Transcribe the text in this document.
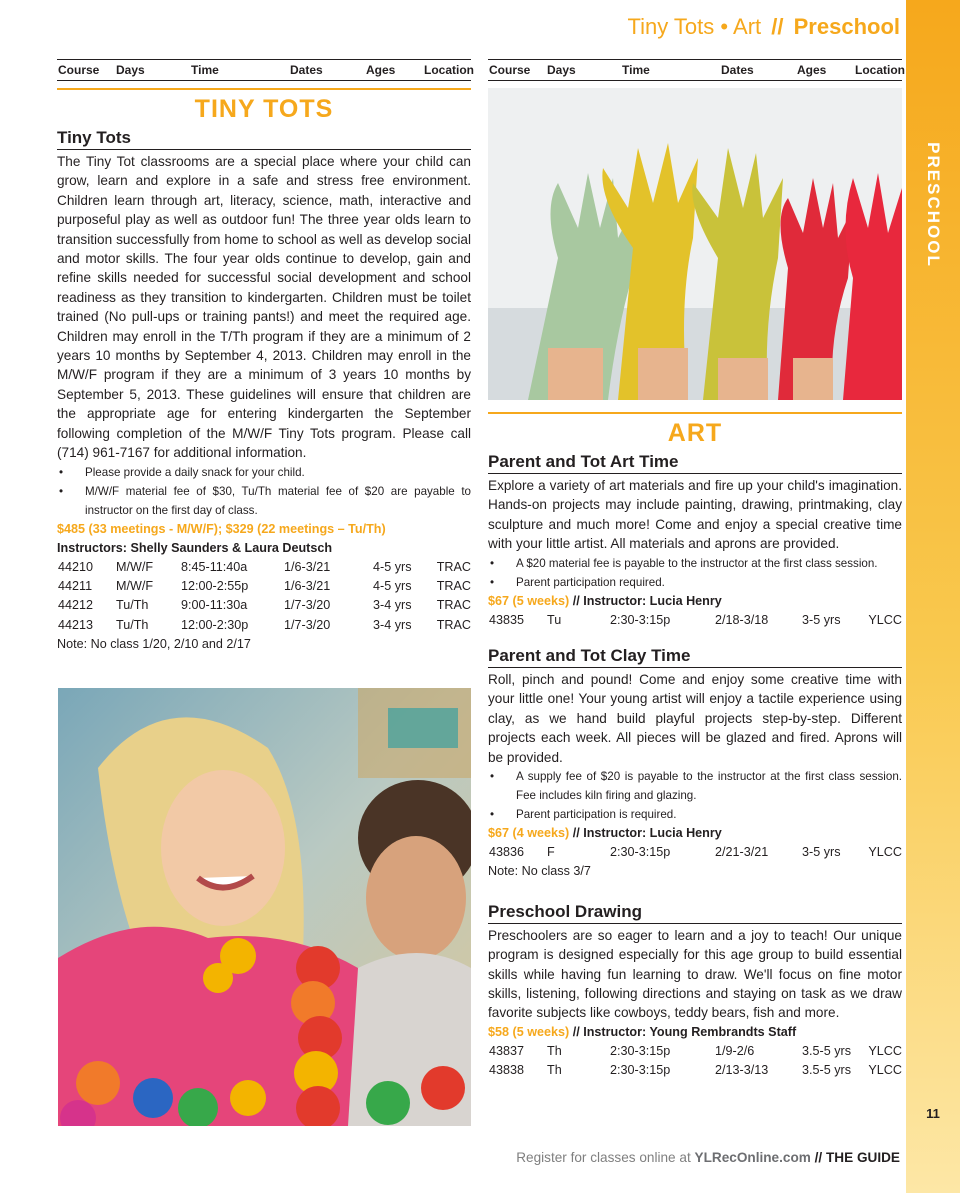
PRESCHOOL
11
Tiny Tots • Art // Preschool
Course Days	Time	Dates	Ages Location Course Days	Time	Dates	Ages Location
TINY TOTS
Tiny Tots
The Tiny Tot classrooms are a special place where your child can grow, learn and explore in a safe and stress free environment. Children learn through art, literacy, science, math, interactive and purposeful play as well as outdoor fun! The three year olds learn to transition successfully from home to school as well as develop social and motor skills. The four year olds continue to develop, gain and refine skills needed for successful social development and school readiness as they transition to kindergarten. Children must be toilet trained (No pull-ups or training pants!) and meet the required age. Children may enroll in the T/Th program if they are a minimum of 2 years 10 months by September 4, 2013. Children may enroll in the M/W/F program if they are a minimum of 3 years 10 months by September 5, 2013. These guidelines will ensure that children are the appropriate age for entering kindergarten the September following completion of the M/W/F Tiny Tots program. Please call (714) 961-7167 for additional information.
• Please provide a daily snack for your child.
• M/W/F material fee of $30, Tu/Th material fee of $20 are payable to instructor on the first day of class.
$485 (33 meetings - M/W/F); $329 (22 meetings – Tu/Th)
Instructors: Shelly Saunders & Laura Deutsch
44210 M/W/F 8:45-11:40a	1/6-3/21	4-5 yrs TRAC
44211 M/W/F 12:00-2:55p	1/6-3/21	4-5 yrs TRAC
44212 Tu/Th	9:00-11:30a	1/7-3/20	3-4 yrs TRAC
44213 Tu/Th	12:00-2:30p	1/7-3/20	3-4 yrs TRAC
Note: No class 1/20, 2/10 and 2/17
ART
Parent and Tot Art Time
Explore a variety of art materials and fire up your child's imagination. Hands-on projects may include painting, drawing, printmaking, clay sculpture and much more! Come and enjoy a special creative time with your little artist. All materials and aprons are provided.
• A $20 material fee is payable to the instructor at the first class session.
• Parent participation required.
$67 (5 weeks) // Instructor: Lucia Henry
43835 Tu	2:30-3:15p	2/18-3/18	3-5 yrs YLCC
Parent and Tot Clay Time
Roll, pinch and pound! Come and enjoy some creative time with your little one! Your young artist will enjoy a tactile experience using clay, as we hand build playful projects step-by-step. Different projects each week. All pieces will be glazed and fired. Aprons will be provided.
• A supply fee of $20 is payable to the instructor at the first class session. Fee includes kiln firing and glazing.
• Parent participation is required.
$67 (4 weeks) // Instructor: Lucia Henry
43836 F	2:30-3:15p	2/21-3/21	3-5 yrs YLCC
Note: No class 3/7
Preschool Drawing
Preschoolers are so eager to learn and a joy to teach! Our unique program is designed especially for this age group to build essential skills while having fun learning to draw. We'll focus on fine motor skills, listening, following directions and staying on task as we draw favorite subjects like cowboys, teddy bears, fish and more.
$58 (5 weeks) // Instructor: Young Rembrandts Staff
43837 Th	2:30-3:15p	1/9-2/6	3.5-5 yrs YLCC
43838 Th	2:30-3:15p	2/13-3/13	3.5-5 yrs YLCC
Register for classes online at YLRecOnline.com // THE GUIDE
